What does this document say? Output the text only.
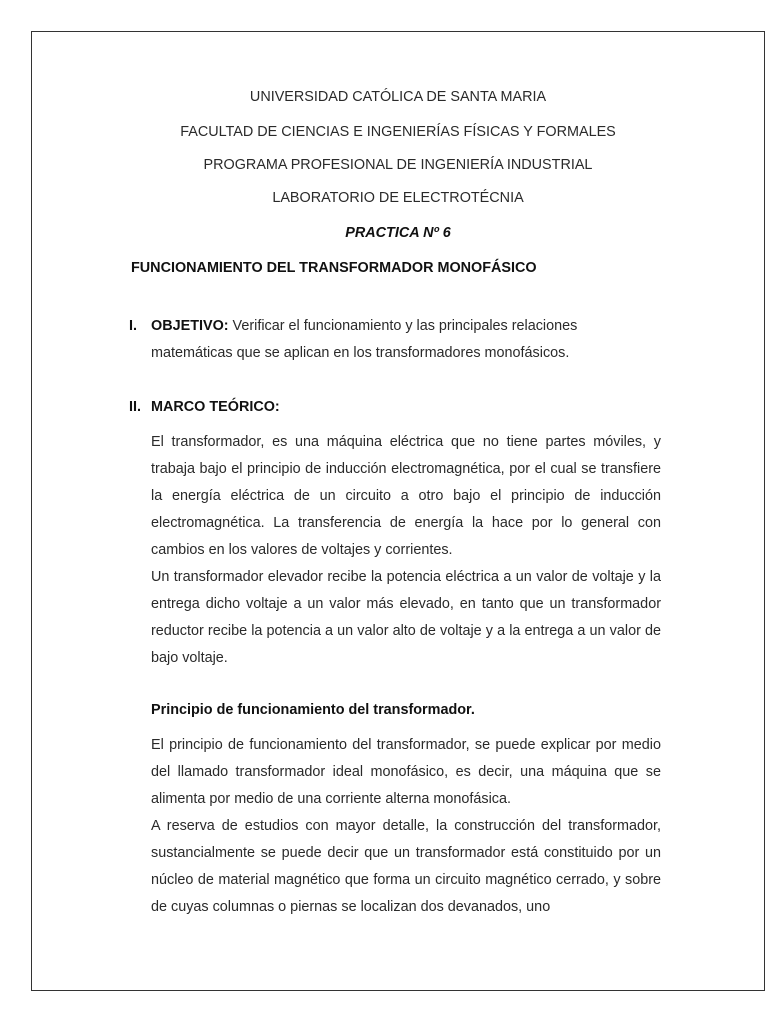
UNIVERSIDAD CATÓLICA DE SANTA MARIA
FACULTAD DE CIENCIAS E INGENIERÍAS FÍSICAS Y FORMALES
PROGRAMA PROFESIONAL DE INGENIERÍA INDUSTRIAL
LABORATORIO DE ELECTROTÉCNIA
PRACTICA Nº 6
FUNCIONAMIENTO DEL TRANSFORMADOR MONOFÁSICO
I. OBJETIVO: Verificar el funcionamiento y las principales relaciones
matemáticas que se aplican en los transformadores monofásicos.
II. MARCO TEÓRICO:

El transformador, es una máquina eléctrica que no tiene partes móviles, y trabaja bajo el principio de inducción electromagnética, por el cual se transfiere la energía eléctrica de un circuito a otro bajo el principio de inducción electromagnética. La transferencia de energía la hace por lo general con cambios en los valores de voltajes y corrientes.

Un transformador elevador recibe la potencia eléctrica a un valor de voltaje y la entrega dicho voltaje a un valor más elevado, en tanto que un transformador reductor recibe la potencia a un valor alto de voltaje y a la entrega a un valor de bajo voltaje.

Principio de funcionamiento del transformador.

El principio de funcionamiento del transformador, se puede explicar por medio del llamado transformador ideal monofásico, es decir, una máquina que se alimenta por medio de una corriente alterna monofásica.

A reserva de estudios con mayor detalle, la construcción del transformador, sustancialmente se puede decir que un transformador está constituido por un núcleo de material magnético que forma un circuito magnético cerrado, y sobre de cuyas columnas o piernas se localizan dos devanados, uno
